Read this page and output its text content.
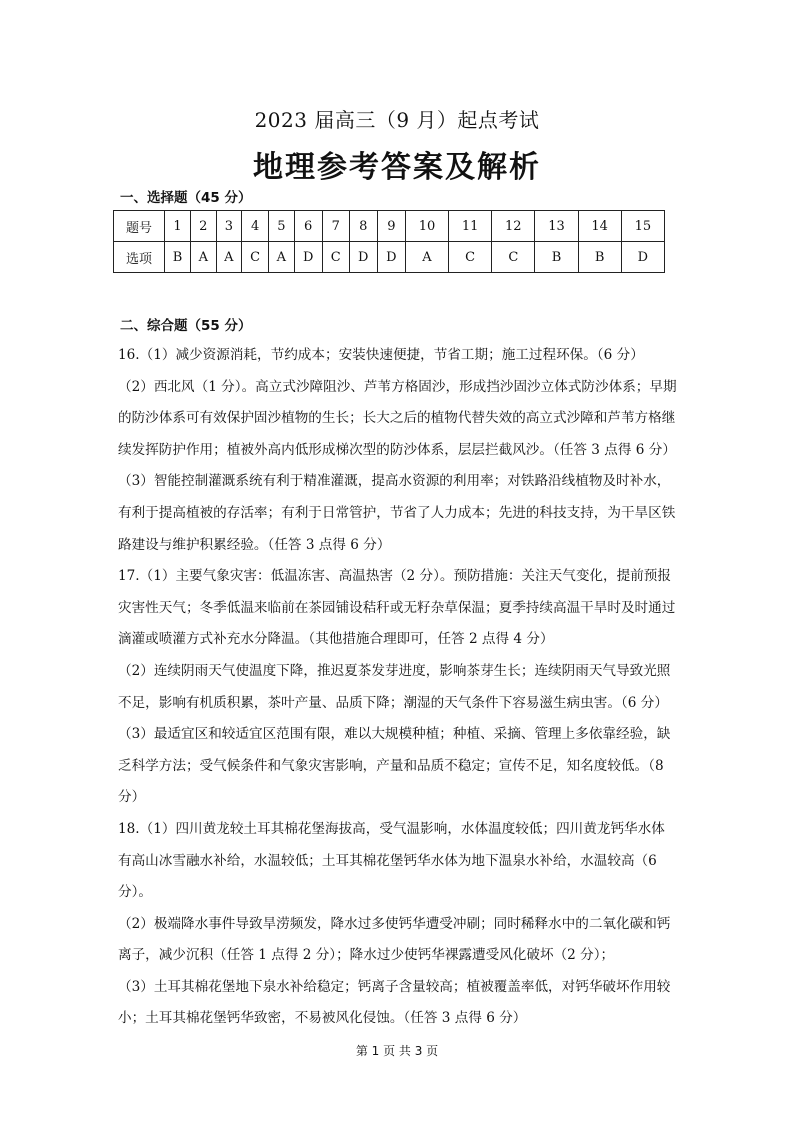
2023 届高三（9 月）起点考试
地理参考答案及解析
一、选择题（45 分）
题号	1	2	3	4	5	6	7	8	9	10	11	12	13	14	15
选项	B	A	A	C	A	D	C	D	D	A	C	C	B	B	D
二、综合题（55 分）

16.（1）减少资源消耗，节约成本；安装快速便捷，节省工期；施工过程环保。（6 分）

（2）西北风（1 分）。高立式沙障阻沙、芦苇方格固沙，形成挡沙固沙立体式防沙体系；早期的防沙体系可有效保护固沙植物的生长；长大之后的植物代替失效的高立式沙障和芦苇方格继续发挥防护作用；植被外高内低形成梯次型的防沙体系，层层拦截风沙。（任答 3 点得 6 分）

（3）智能控制灌溉系统有利于精准灌溉，提高水资源的利用率；对铁路沿线植物及时补水，有利于提高植被的存活率；有利于日常管护，节省了人力成本；先进的科技支持，为干旱区铁路建设与维护积累经验。（任答 3 点得 6 分）

17.（1）主要气象灾害：低温冻害、高温热害（2 分）。预防措施：关注天气变化，提前预报灾害性天气；冬季低温来临前在茶园铺设秸秆或无籽杂草保温；夏季持续高温干旱时及时通过滴灌或喷灌方式补充水分降温。（其他措施合理即可，任答 2 点得 4 分）

（2）连续阴雨天气使温度下降，推迟夏茶发芽进度，影响茶芽生长；连续阴雨天气导致光照不足，影响有机质积累，茶叶产量、品质下降；潮湿的天气条件下容易滋生病虫害。（6 分）

（3）最适宜区和较适宜区范围有限，难以大规模种植；种植、采摘、管理上多依靠经验，缺乏科学方法；受气候条件和气象灾害影响，产量和品质不稳定；宣传不足，知名度较低。（8 分）

18.（1）四川黄龙较土耳其棉花堡海拔高，受气温影响，水体温度较低；四川黄龙钙华水体有高山冰雪融水补给，水温较低；土耳其棉花堡钙华水体为地下温泉水补给，水温较高（6 分）。

（2）极端降水事件导致旱涝频发，降水过多使钙华遭受冲刷；同时稀释水中的二氧化碳和钙离子，减少沉积（任答 1 点得 2 分）；降水过少使钙华裸露遭受风化破坏（2 分）；

（3）土耳其棉花堡地下泉水补给稳定；钙离子含量较高；植被覆盖率低，对钙华破坏作用较小；土耳其棉花堡钙华致密，不易被风化侵蚀。（任答 3 点得 6 分）

第 1 页 共 3 页
